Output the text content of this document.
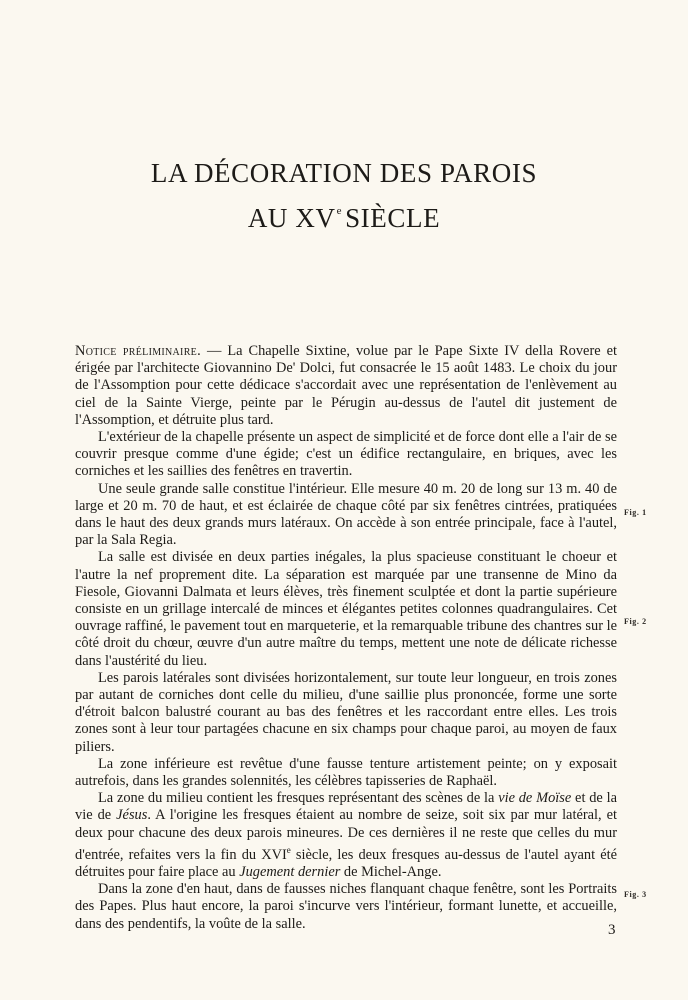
LA DÉCORATION DES PAROIS
AU XVe SIÈCLE

Notice préliminaire. — La Chapelle Sixtine, volue par le Pape Sixte IV della Rovere et érigée par l'architecte Giovannino De' Dolci, fut consacrée le 15 août 1483. Le choix du jour de l'Assomption pour cette dédicace s'accordait avec une représentation de l'enlèvement au ciel de la Sainte Vierge, peinte par le Pérugin au-dessus de l'autel dit justement de l'Assomption, et détruite plus tard.

L'extérieur de la chapelle présente un aspect de simplicité et de force dont elle a l'air de se couvrir presque comme d'une égide; c'est un édifice rectangulaire, en briques, avec les corniches et les saillies des fenêtres en travertin.

Une seule grande salle constitue l'intérieur. Elle mesure 40 m. 20 de long sur 13 m. 40 de large et 20 m. 70 de haut, et est éclairée de chaque côté par six fenêtres cintrées, pratiquées dans le haut des deux grands murs latéraux. On accède à son entrée principale, face à l'autel, par la Sala Regia.

La salle est divisée en deux parties inégales, la plus spacieuse constituant le choeur et l'autre la nef proprement dite. La séparation est marquée par une transenne de Mino da Fiesole, Giovanni Dalmata et leurs élèves, très finement sculptée et dont la partie supérieure consiste en un grillage intercalé de minces et élégantes petites colonnes quadrangulaires. Cet ouvrage raffiné, le pavement tout en marqueterie, et la remarquable tribune des chantres sur le côté droit du chœur, œuvre d'un autre maître du temps, mettent une note de délicate richesse dans l'austérité du lieu.

Les parois latérales sont divisées horizontalement, sur toute leur longueur, en trois zones par autant de corniches dont celle du milieu, d'une saillie plus prononcée, forme une sorte d'étroit balcon balustré courant au bas des fenêtres et les raccordant entre elles. Les trois zones sont à leur tour partagées chacune en six champs pour chaque paroi, au moyen de faux piliers.

La zone inférieure est revêtue d'une fausse tenture artistement peinte; on y exposait autrefois, dans les grandes solennités, les célèbres tapisseries de Raphaël.

La zone du milieu contient les fresques représentant des scènes de la vie de Moïse et de la vie de Jésus. A l'origine les fresques étaient au nombre de seize, soit six par mur latéral, et deux pour chacune des deux parois mineures. De ces dernières il ne reste que celles du mur d'entrée, refaites vers la fin du XVIe siècle, les deux fresques au-dessus de l'autel ayant été détruites pour faire place au Jugement dernier de Michel-Ange.

Dans la zone d'en haut, dans de fausses niches flanquant chaque fenêtre, sont les Portraits des Papes. Plus haut encore, la paroi s'incurve vers l'intérieur, formant lunette, et accueille, dans des pendentifs, la voûte de la salle.

Fig. 1
Fig. 2
Fig. 3
3
